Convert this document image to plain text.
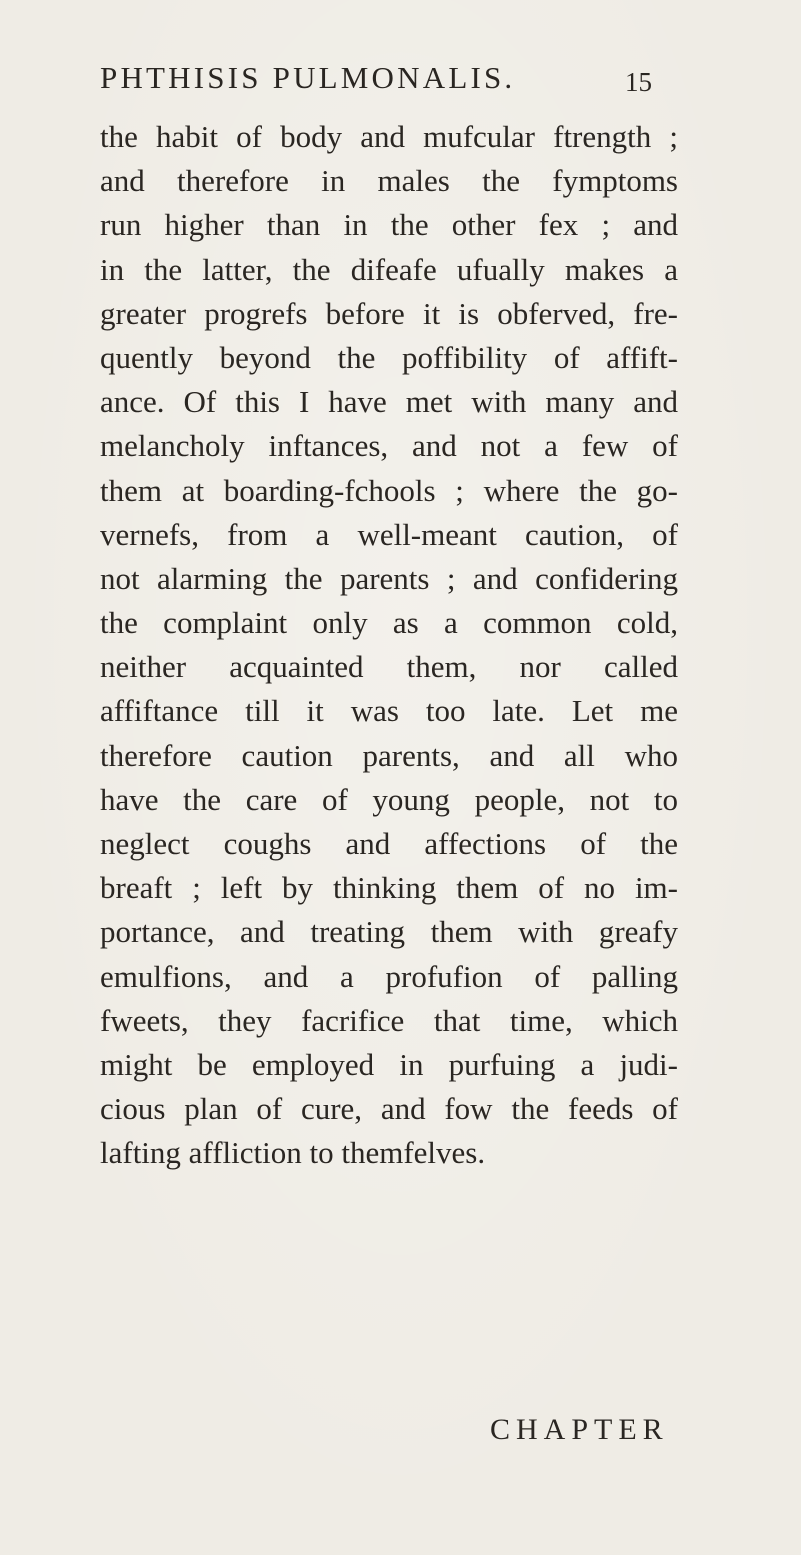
PHTHISIS PULMONALIS.	15
the habit of body and mufcular ftrength ;
and therefore in males the fymptoms
run higher than in the other fex ; and
in the latter, the difeafe ufually makes a
greater progrefs before it is obferved, fre-
quently beyond the poffibility of affift-
ance. Of this I have met with many and
melancholy inftances, and not a few of
them at boarding-fchools ; where the go-
vernefs, from a well-meant caution, of
not alarming the parents ; and confidering
the complaint only as a common cold,
neither acquainted them, nor called
affiftance till it was too late. Let me
therefore caution parents, and all who
have the care of young people, not to
neglect coughs and affections of the
breaft ; left by thinking them of no im-
portance, and treating them with greafy
emulfions, and a profufion of palling
fweets, they facrifice that time, which
might be employed in purfuing a judi-
cious plan of cure, and fow the feeds of
lafting affliction to themfelves.
CHAPTER
